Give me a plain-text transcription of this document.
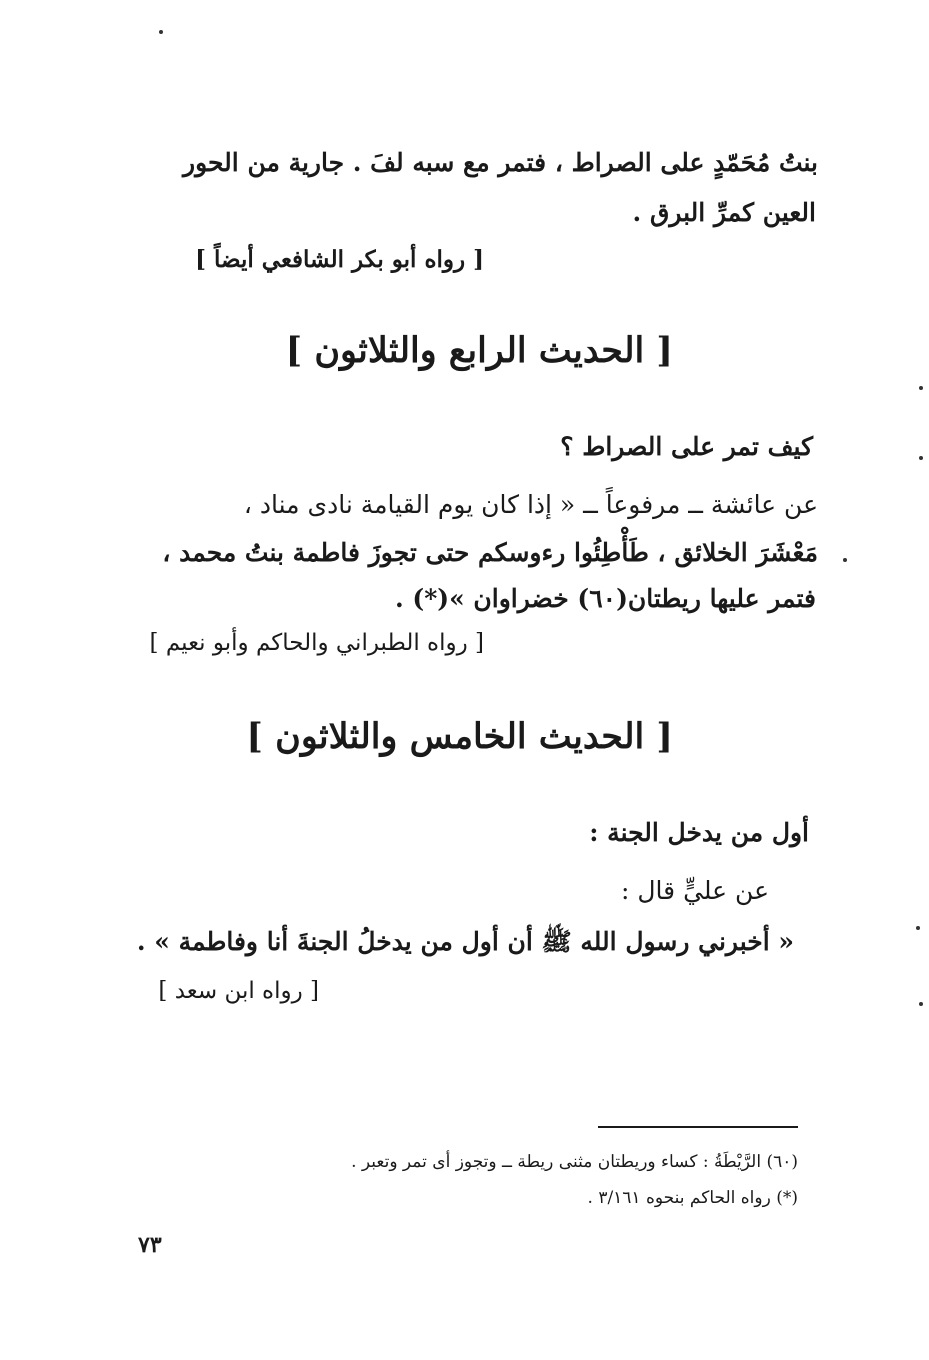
بنتُ مُحَمّدٍ على الصراط ، فتمر مع سبه لفَ . جارية من الحور
العين كمرِّ البرق .
[ رواه أبو بكر الشافعي أيضاً ]
[ الحديث الرابع والثلاثون ]
كيف تمر على الصراط ؟
عن عائشة ــ مرفوعاً ــ « إذا كان يوم القيامة نادى مناد ،
مَعْشَرَ الخلائق ، طَأْطِئُوا رءوسكم حتى تجوزَ فاطمة بنتُ محمد ،
فتمر عليها ريطتان(٦٠) خضراوان »(*) .
[ رواه الطبراني والحاكم وأبو نعيم ]
[ الحديث الخامس والثلاثون ]
أول من يدخل الجنة :
عن عليٍّ قال :
« أخبرني رسول الله ﷺ أن أول من يدخلُ الجنةَ أنا وفاطمة » .
[ رواه ابن سعد ]
(٦٠) الرَّيْطَةُ : كساء وريطتان مثنى ريطة ــ وتجوز أى تمر وتعبر .
(*) رواه الحاكم بنحوه ٣/١٦١ .
٧٣
